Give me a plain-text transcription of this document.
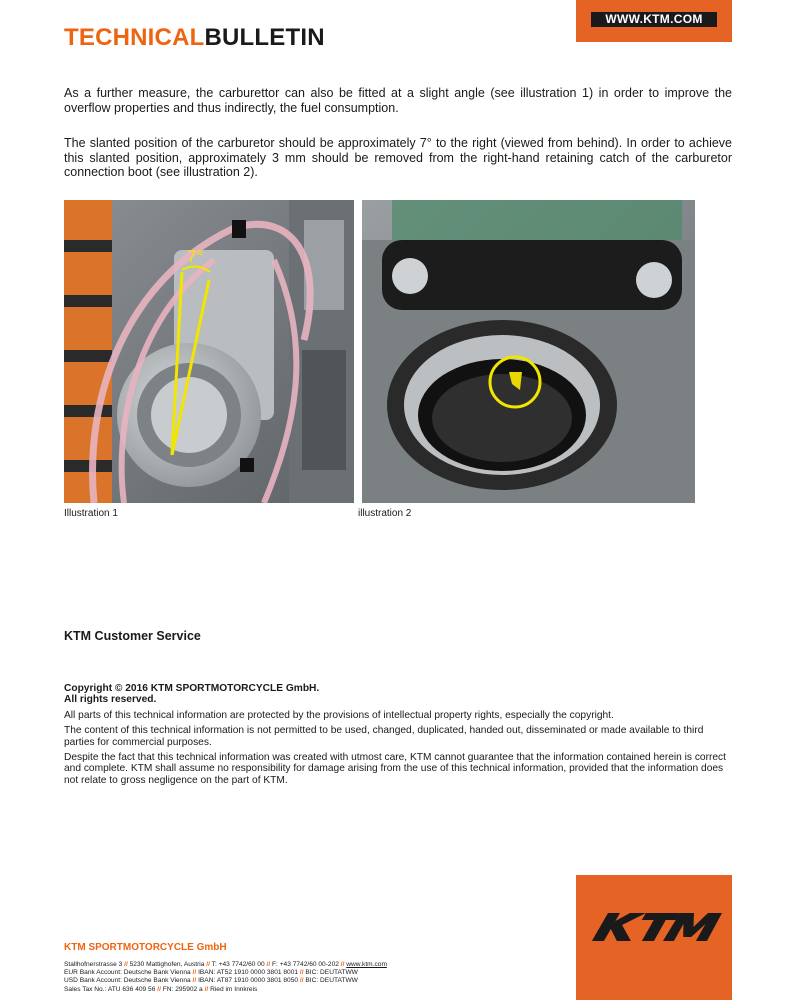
TECHNICALBULLETIN
WWW.KTM.COM

As a further measure, the carburettor can also be fitted at a slight angle (see illustration 1) in order to improve the overflow properties and thus indirectly, the fuel consumption.

The slanted position of the carburetor should be approximately 7° to the right (viewed from behind). In order to achieve this slanted position, approximately 3 mm should be removed from the right-hand retaining catch of the carburetor connection boot (see illustration 2).

7°
Illustration 1	illustration 2
KTM Customer Service
Copyright © 2016 KTM SPORTMOTORCYCLE GmbH.
All rights reserved.

All parts of this technical information are protected by the provisions of intellectual property rights, especially the copyright.

The content of this technical information is not permitted to be used, changed, duplicated, handed out, disseminated or made available to third parties for commercial purposes.

Despite the fact that this technical information was created with utmost care, KTM cannot guarantee that the information contained herein is correct and complete. KTM shall assume no responsibility for damage arising from the use of this technical information, provided that the information does not relate to gross negligence on the part of KTM.

KTM SPORTMOTORCYCLE GmbH
Stallhofnerstrasse 3 // 5230 Mattighofen, Austria // T: +43 7742/60 00 // F: +43 7742/60 00-202 // www.ktm.com
EUR Bank Account: Deutsche Bank Vienna // IBAN: AT52 1910 0000 3801 8001 // BIC: DEUTATWW
USD Bank Account: Deutsche Bank Vienna // IBAN: AT87 1910 0000 3801 8050 // BIC: DEUTATWW
Sales Tax No.: ATU 636 409 56 // FN: 295902 a // Ried im Innkreis
